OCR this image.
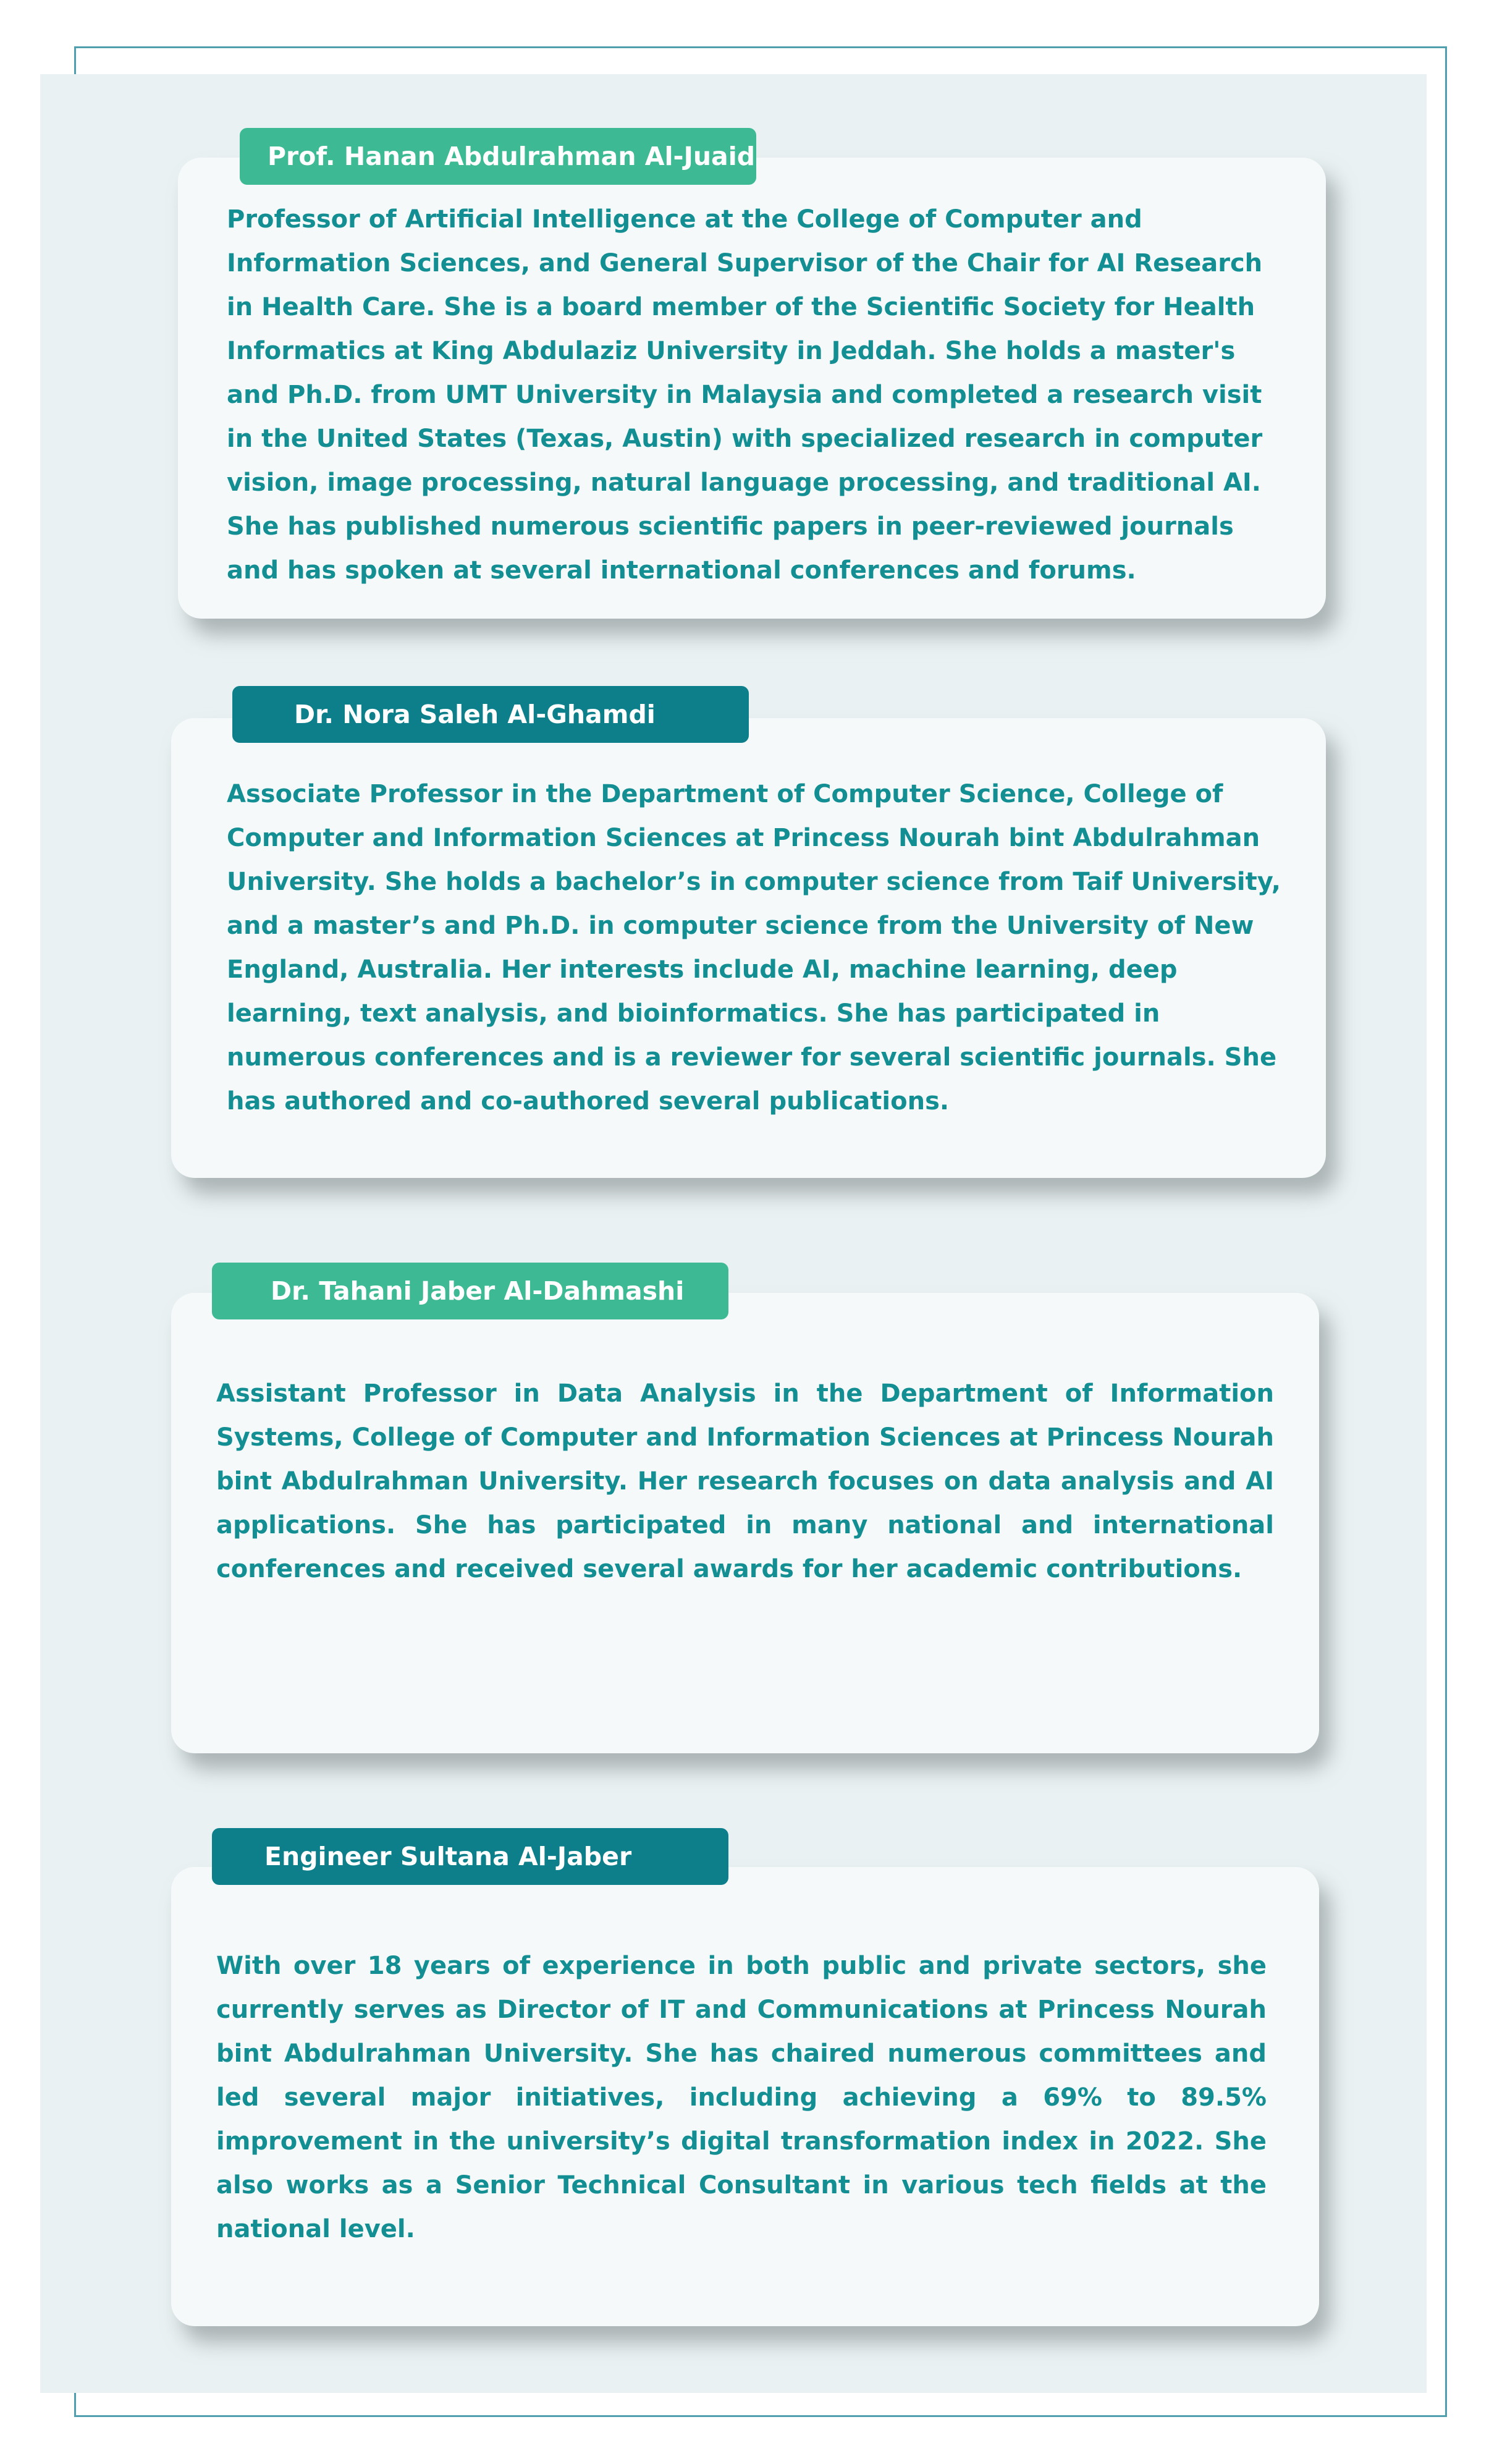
Prof. Hanan Abdulrahman Al-Juaid

Professor of Artificial Intelligence at the College of Computer and Information Sciences, and General Supervisor of the Chair for AI Research in Health Care. She is a board member of the Scientific Society for Health Informatics at King Abdulaziz University in Jeddah. She holds a master's and Ph.D. from UMT University in Malaysia and completed a research visit in the United States (Texas, Austin) with specialized research in computer vision, image processing, natural language processing, and traditional AI. She has published numerous scientific papers in peer-reviewed journals and has spoken at several international conferences and forums.

Dr. Nora Saleh Al-Ghamdi

Associate Professor in the Department of Computer Science, College of Computer and Information Sciences at Princess Nourah bint Abdulrahman University. She holds a bachelor’s in computer science from Taif University, and a master’s and Ph.D. in computer science from the University of New England, Australia. Her interests include AI, machine learning, deep learning, text analysis, and bioinformatics. She has participated in numerous conferences and is a reviewer for several scientific journals. She has authored and co-authored several publications.

Dr. Tahani Jaber Al-Dahmashi

Assistant Professor in Data Analysis in the Department of Information Systems, College of Computer and Information Sciences at Princess Nourah bint Abdulrahman University. Her research focuses on data analysis and AI applications. She has participated in many national and international conferences and received several awards for her academic contributions.

Engineer Sultana Al-Jaber

With over 18 years of experience in both public and private sectors, she currently serves as Director of IT and Communications at Princess Nourah bint Abdulrahman University. She has chaired numerous committees and led several major initiatives, including achieving a 69% to 89.5% improvement in the university’s digital transformation index in 2022. She also works as a Senior Technical Consultant in various tech fields at the national level.
